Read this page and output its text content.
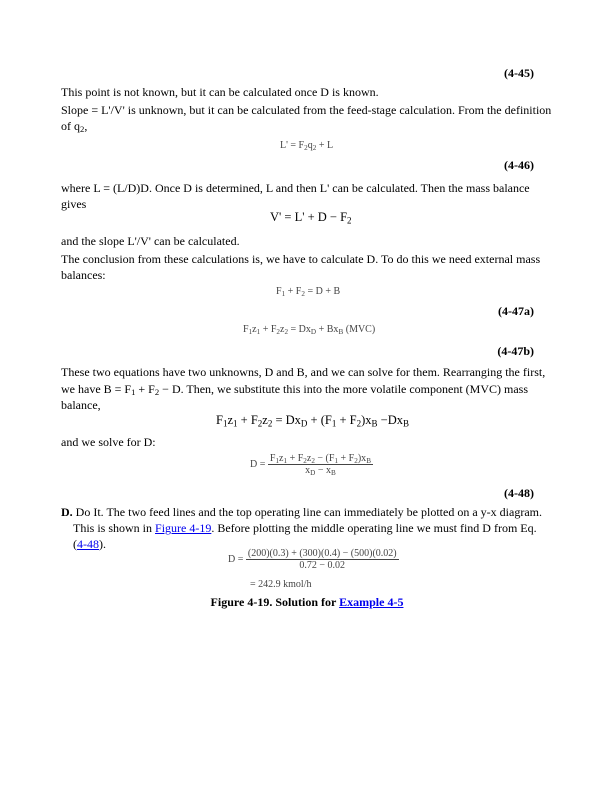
(4-45)
This point is not known, but it can be calculated once D is known.
Slope = L'/V' is unknown, but it can be calculated from the feed-stage calculation. From the definition
of $q_2$,
$L' = F_2q_2 + L$
(4-46)
where L = (L/D)D. Once D is determined, L and then L' can be calculated. Then the mass balance
gives
$V' = L' + D - F_2$
and the slope L'/V' can be calculated.
The conclusion from these calculations is, we have to calculate D. To do this we need external mass
balances:
$F_1 + F_2 = D + B$
(4-47a)
$F_1z_1 + F_2z_2 = Dx_D + Bx_B$ (MVC)
(4-47b)
These two equations have two unknowns, D and B, and we can solve for them. Rearranging the first,
we have $B = F_1 + F_2 - D$. Then, we substitute this into the more volatile component (MVC) mass
balance,
$F_1z_1 + F_2z_2 = Dx_D + (F_1 + F_2)x_B -Dx_B$
and we solve for D:
$D = \frac{F_1z_1 + F_2z_2 - (F_1 + F_2)x_B}{x_D - x_B}$
(4-48)
D. Do It. The two feed lines and the top operating line can immediately be plotted on a y-x diagram.
This is shown in Figure 4-19. Before plotting the middle operating line we must find D from Eq.
(4-48).
$D = \frac{(200)(0.3) + (300)(0.4) - (500)(0.02)}{0.72 - 0.02}$
= 242.9 kmol/h
Figure 4-19. Solution for Example 4-5
